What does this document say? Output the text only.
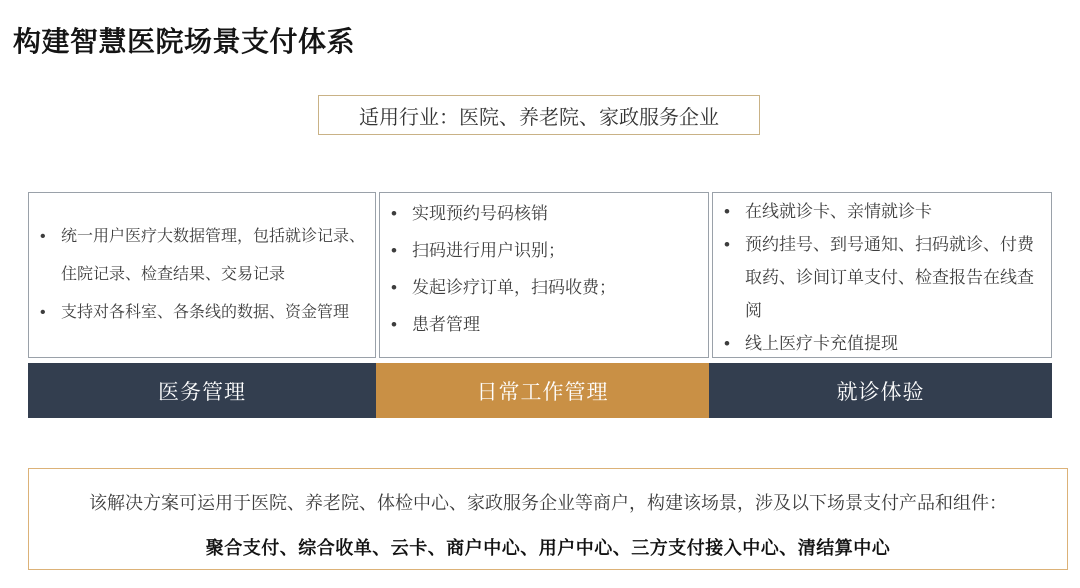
构建智慧医院场景支付体系
适用行业：医院、养老院、家政服务企业
• 统一用户医疗大数据管理，包括就诊记录、住院记录、检查结果、交易记录
• 支持对各科室、各条线的数据、资金管理
• 实现预约号码核销
• 扫码进行用户识别；
• 发起诊疗订单，扫码收费；
• 患者管理
• 在线就诊卡、亲情就诊卡
• 预约挂号、到号通知、扫码就诊、付费取药、诊间订单支付、检查报告在线查阅
• 线上医疗卡充值提现
医务管理	日常工作管理	就诊体验

该解决方案可运用于医院、养老院、体检中心、家政服务企业等商户，构建该场景，涉及以下场景支付产品和组件：

聚合支付、综合收单、云卡、商户中心、用户中心、三方支付接入中心、清结算中心
